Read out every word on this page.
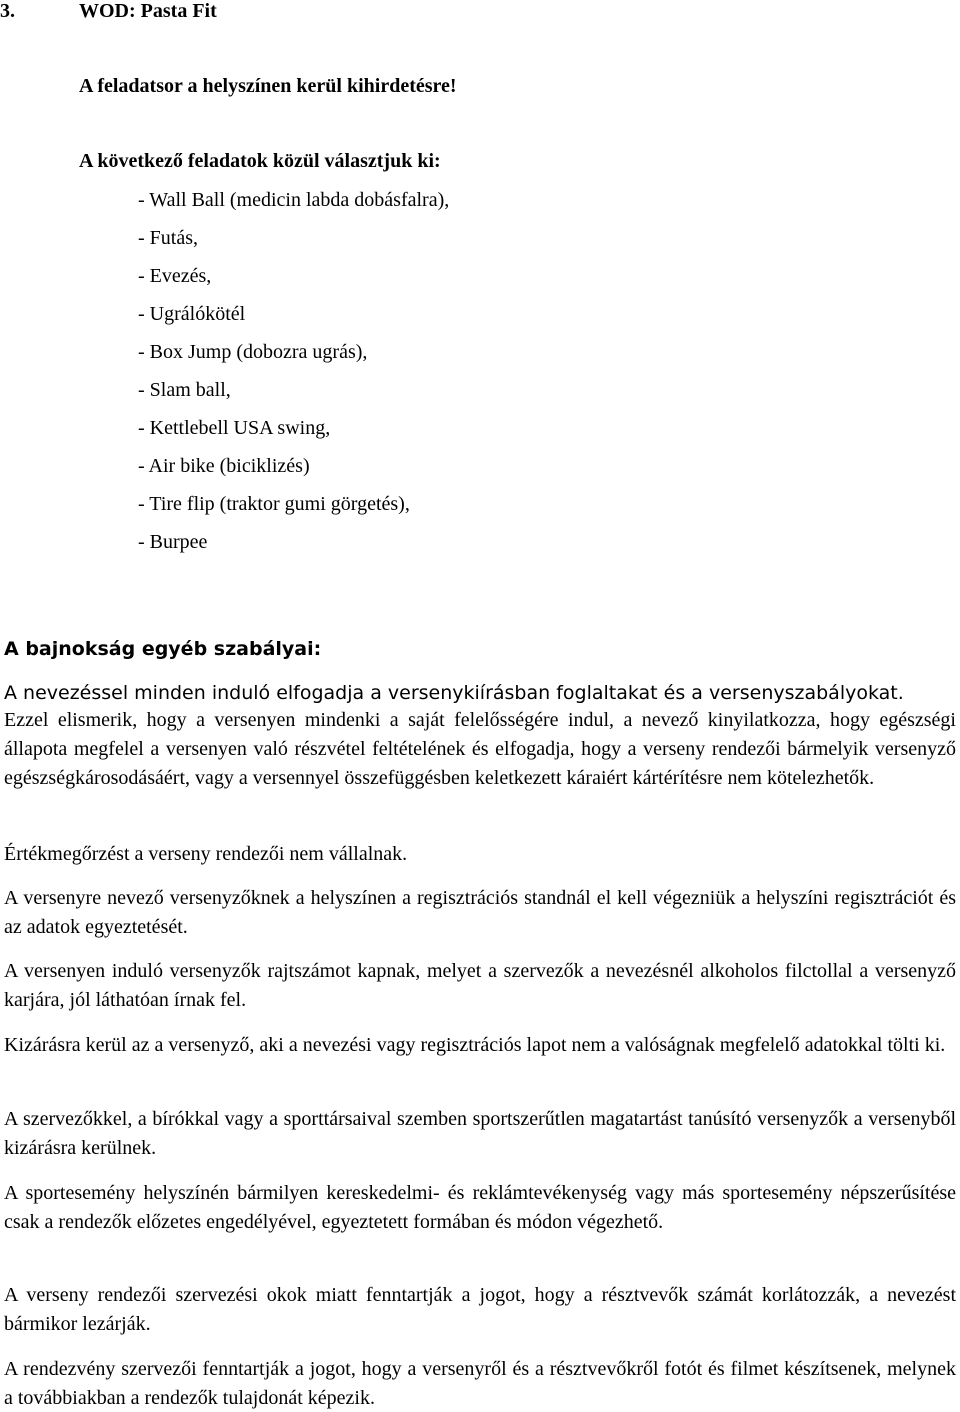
3.	WOD: Pasta Fit
A feladatsor a helyszínen kerül kihirdetésre!
A következő feladatok közül választjuk ki:
- Wall Ball (medicin labda dobásfalra),
- Futás,
- Evezés,
- Ugrálókötél
- Box Jump (dobozra ugrás),
- Slam ball,
- Kettlebell USA swing,
- Air bike (biciklizés)
- Tire flip (traktor gumi görgetés),
- Burpee
A bajnokság egyéb szabályai:
A nevezéssel minden induló elfogadja a versenykiírásban foglaltakat és a versenyszabályokat.
Ezzel elismerik, hogy a versenyen mindenki a saját felelősségére indul, a nevező kinyilatkozza, hogy egészségi állapota megfelel a versenyen való részvétel feltételének és elfogadja, hogy a verseny rendezői bármelyik versenyző egészségkárosodásáért, vagy a versennyel összefüggésben keletkezett káraiért kártérítésre nem kötelezhetők.
Értékmegőrzést a verseny rendezői nem vállalnak.
A versenyre nevező versenyzőknek a helyszínen a regisztrációs standnál el kell végezniük a helyszíni regisztrációt és az adatok egyeztetését.
A versenyen induló versenyzők rajtszámot kapnak, melyet a szervezők a nevezésnél alkoholos filctollal a versenyző karjára, jól láthatóan írnak fel.
Kizárásra kerül az a versenyző, aki a nevezési vagy regisztrációs lapot nem a valóságnak megfelelő adatokkal tölti ki.
A szervezőkkel, a bírókkal vagy a sporttársaival szemben sportszerűtlen magatartást tanúsító versenyzők a versenyből kizárásra kerülnek.
A sportesemény helyszínén bármilyen kereskedelmi- és reklámtevékenység vagy más sportesemény népszerűsítése csak a rendezők előzetes engedélyével, egyeztetett formában és módon végezhető.
A verseny rendezői szervezési okok miatt fenntartják a jogot, hogy a résztvevők számát korlátozzák, a nevezést bármikor lezárják.
A rendezvény szervezői fenntartják a jogot, hogy a versenyről és a résztvevőkről fotót és filmet készítsenek, melynek a továbbiakban a rendezők tulajdonát képezik.
